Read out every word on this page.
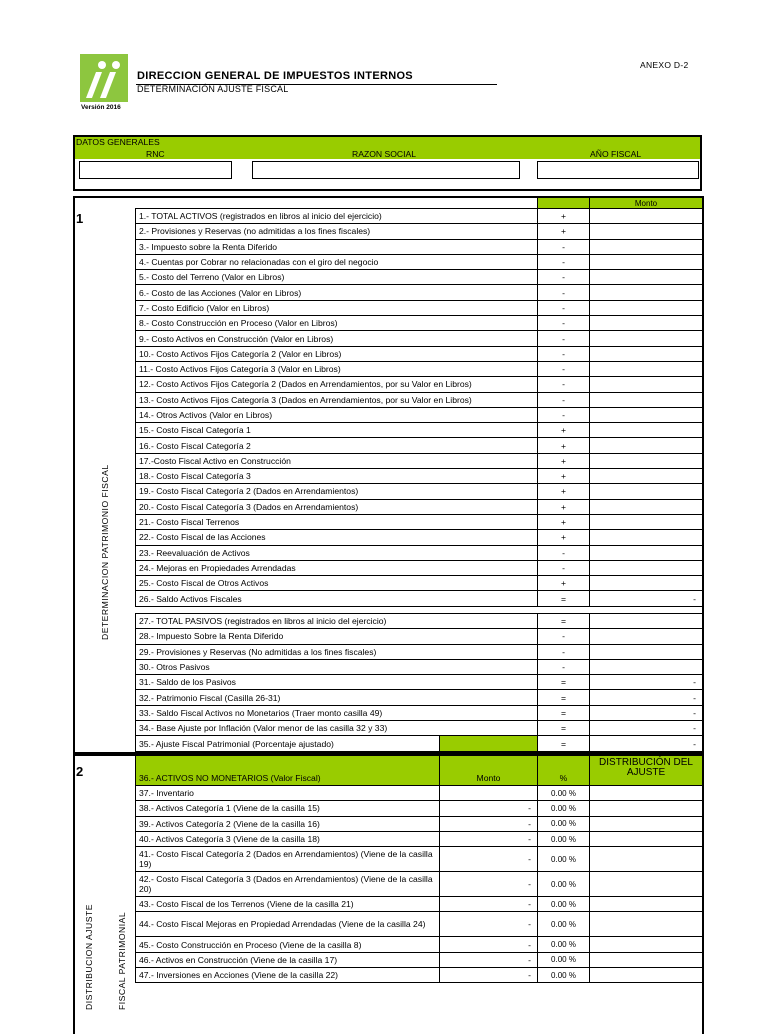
Versión 2016
DIRECCION GENERAL DE IMPUESTOS INTERNOS
DETERMINACIÓN AJUSTE FISCAL
ANEXO D-2
DATOS GENERALES
RNC	RAZON SOCIAL	AÑO FISCAL
1
DETERMINACION PATRIMONIO FISCAL
		Monto
1.- TOTAL ACTIVOS (registrados en libros al inicio del ejercicio)	+	
2.- Provisiones y Reservas (no admitidas a los fines fiscales)	+	
3.- Impuesto sobre la Renta Diferido	-	
4.- Cuentas por Cobrar no relacionadas con el giro del negocio	-	
5.- Costo del Terreno (Valor en Libros)	-	
6.- Costo de las Acciones (Valor en Libros)	-	
7.- Costo Edificio (Valor en Libros)	-	
8.- Costo Construcción en Proceso (Valor en Libros)	-	
9.- Costo Activos en Construcción (Valor en Libros)	-	
10.- Costo Activos Fijos Categoría 2 (Valor en Libros)	-	
11.- Costo Activos Fijos Categoría 3 (Valor en Libros)	-	
12.- Costo Activos Fijos Categoría 2 (Dados en Arrendamientos, por su Valor en Libros)	-	
13.- Costo Activos Fijos Categoría 3 (Dados en Arrendamientos, por su Valor en Libros)	-	
14.- Otros Activos (Valor en Libros)	-	
15.- Costo Fiscal Categoría 1	+	
16.- Costo Fiscal Categoría 2	+	
17.-Costo Fiscal Activo en Construcción	+	
18.- Costo Fiscal Categoría 3	+	
19.- Costo Fiscal Categoría 2 (Dados en Arrendamientos)	+	
20.- Costo Fiscal Categoría 3 (Dados en Arrendamientos)	+	
21.- Costo Fiscal Terrenos	+	
22.- Costo Fiscal de las Acciones	+	
23.- Reevaluación de Activos	-	
24.- Mejoras en Propiedades Arrendadas	-	
25.- Costo Fiscal de Otros Activos	+	
26.- Saldo Activos Fiscales	=	-
27.- TOTAL PASIVOS (registrados en libros al inicio del ejercicio)		=	
28.- Impuesto Sobre la Renta Diferido		-	
29.- Provisiones y Reservas (No admitidas a los fines fiscales)		-	
30.- Otros Pasivos		-	
31.- Saldo de los Pasivos		=	-
32.- Patrimonio Fiscal (Casilla 26-31)		=	-
33.- Saldo Fiscal Activos no Monetarios (Traer monto casilla 49)		=	-
34.- Base Ajuste por Inflación (Valor menor de las casilla 32 y 33)		=	-
35.- Ajuste Fiscal Patrimonial (Porcentaje ajustado)		=	-
2
DISTRIBUCION AJUSTE	FISCAL PATRIMONIAL
36.- ACTIVOS NO MONETARIOS (Valor Fiscal)	Monto	%	DISTRIBUCIÓN DEL AJUSTE
37.- Inventario		0.00 %	
38.- Activos Categoría 1 (Viene de la casilla 15)	-	0.00 %	
39.- Activos Categoría 2 (Viene de la casilla 16)	-	0.00 %	
40.- Activos Categoría 3 (Viene de la casilla 18)	-	0.00 %	
41.- Costo Fiscal Categoría 2 (Dados en Arrendamientos) (Viene de la casilla 19)	-	0.00 %	
42.- Costo Fiscal Categoría 3 (Dados en Arrendamientos) (Viene de la casilla 20)	-	0.00 %	
43.- Costo Fiscal de los Terrenos (Viene de la casilla 21)	-	0.00 %	
44.- Costo Fiscal Mejoras en Propiedad Arrendadas (Viene de la casilla 24)	-	0.00 %	
45.- Costo Construcción en Proceso (Viene de la casilla 8)	-	0.00 %	
46.- Activos en Construcción (Viene de la casilla 17)	-	0.00 %	
47.- Inversiones en Acciones (Viene de la casilla 22)	-	0.00 %	
